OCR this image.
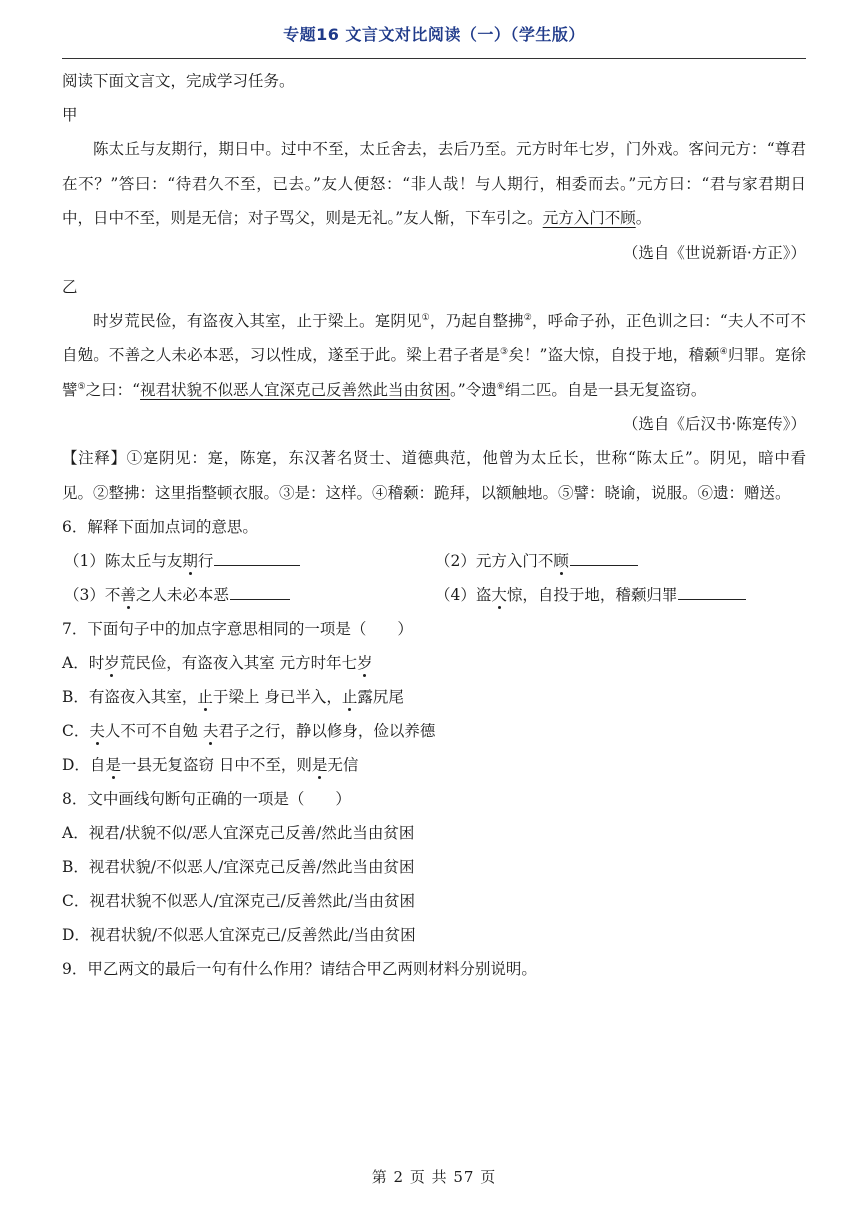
专题16 文言文对比阅读（一）（学生版）

阅读下面文言文，完成学习任务。

甲

陈太丘与友期行，期日中。过中不至，太丘舍去，去后乃至。元方时年七岁，门外戏。客问元方：“尊君在不？”答曰：“待君久不至，已去。”友人便怒：“非人哉！与人期行，相委而去。”元方曰：“君与家君期日中，日中不至，则是无信；对子骂父，则是无礼。”友人惭，下车引之。元方入门不顾。

（选自《世说新语·方正》）

乙

时岁荒民俭，有盗夜入其室，止于梁上。寔阴见①，乃起自整拂②，呼命子孙，正色训之曰：“夫人不可不自勉。不善之人未必本恶，习以性成，遂至于此。梁上君子者是③矣！”盗大惊，自投于地，稽颡④归罪。寔徐譬⑤之曰：“视君状貌不似恶人宜深克己反善然此当由贫困。”令遗⑥绢二匹。自是一县无复盗窃。

（选自《后汉书·陈寔传》）

【注释】①寔阴见：寔，陈寔，东汉著名贤士、道德典范，他曾为太丘长，世称“陈太丘”。阴见，暗中看见。②整拂：这里指整顿衣服。③是：这样。④稽颡：跪拜，以额触地。⑤譬：晓谕，说服。⑥遗：赠送。

6．解释下面加点词的意思。

（1）陈太丘与友期行	（2）元方入门不顾
（3）不善之人未必本恶	（4）盗大惊，自投于地，稽颡归罪

7．下面句子中的加点字意思相同的一项是（　　）

A．时岁荒民俭，有盗夜入其室 元方时年七岁

B．有盗夜入其室，止于梁上 身已半入，止露尻尾

C．夫人不可不自勉 夫君子之行，静以修身，俭以养德

D．自是一县无复盗窃 日中不至，则是无信

8．文中画线句断句正确的一项是（　　）

A．视君/状貌不似/恶人宜深克己反善/然此当由贫困

B．视君状貌/不似恶人/宜深克己反善/然此当由贫困

C．视君状貌不似恶人/宜深克己/反善然此/当由贫困

D．视君状貌/不似恶人宜深克己/反善然此/当由贫困

9．甲乙两文的最后一句有什么作用？请结合甲乙两则材料分别说明。

第 2 页 共 57 页
